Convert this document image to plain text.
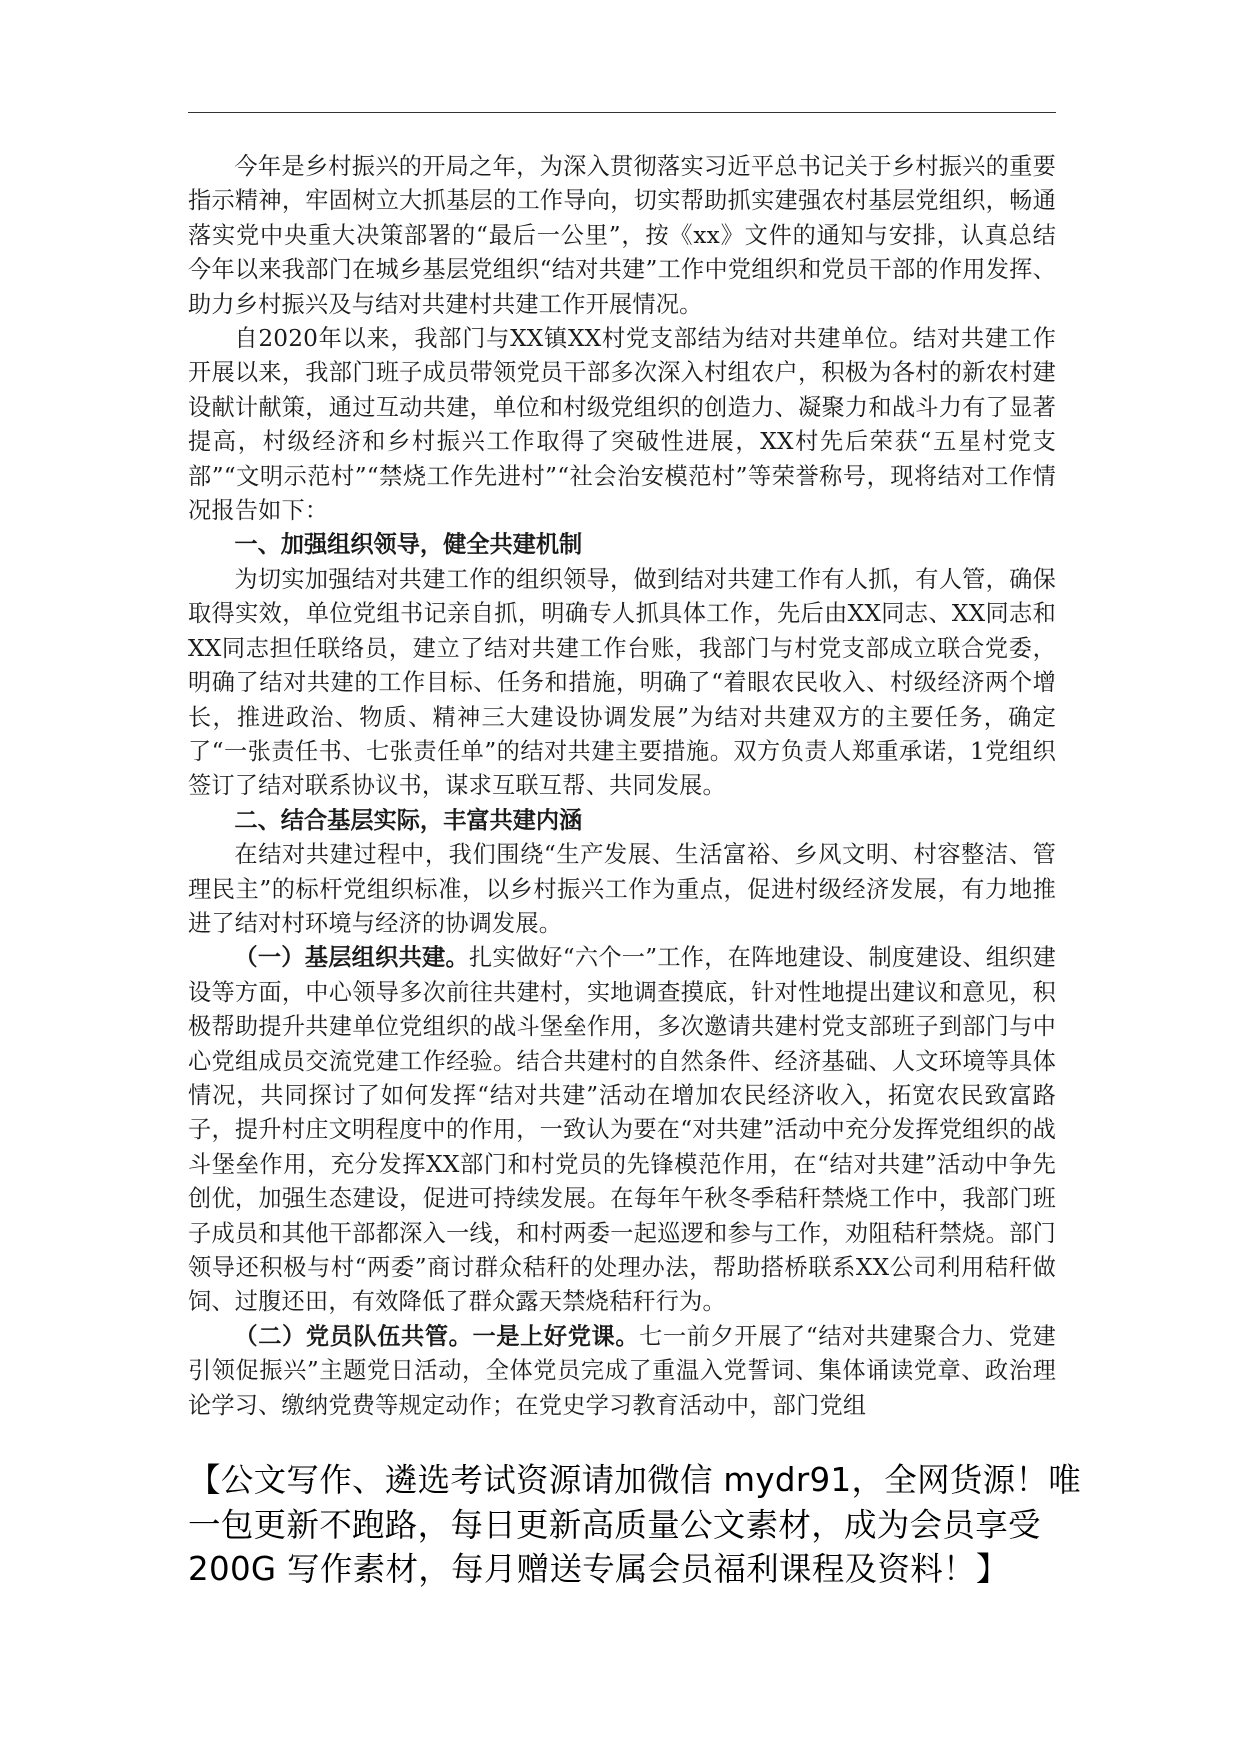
今年是乡村振兴的开局之年，为深入贯彻落实习近平总书记关于乡村振兴的重要指示精神，牢固树立大抓基层的工作导向，切实帮助抓实建强农村基层党组织，畅通落实党中央重大决策部署的“最后一公里”，按《xx》文件的通知与安排，认真总结今年以来我部门在城乡基层党组织“结对共建”工作中党组织和党员干部的作用发挥、助力乡村振兴及与结对共建村共建工作开展情况。

自2020年以来，我部门与XX镇XX村党支部结为结对共建单位。结对共建工作开展以来，我部门班子成员带领党员干部多次深入村组农户，积极为各村的新农村建设献计献策，通过互动共建，单位和村级党组织的创造力、凝聚力和战斗力有了显著提高，村级经济和乡村振兴工作取得了突破性进展，XX村先后荣获“五星村党支部”“文明示范村”“禁烧工作先进村”“社会治安模范村”等荣誉称号，现将结对工作情况报告如下：

一、加强组织领导，健全共建机制

为切实加强结对共建工作的组织领导，做到结对共建工作有人抓，有人管，确保取得实效，单位党组书记亲自抓，明确专人抓具体工作，先后由XX同志、XX同志和XX同志担任联络员，建立了结对共建工作台账，我部门与村党支部成立联合党委，明确了结对共建的工作目标、任务和措施，明确了“着眼农民收入、村级经济两个增长，推进政治、物质、精神三大建设协调发展”为结对共建双方的主要任务，确定了“一张责任书、七张责任单”的结对共建主要措施。双方负责人郑重承诺，1党组织签订了结对联系协议书，谋求互联互帮、共同发展。

二、结合基层实际，丰富共建内涵

在结对共建过程中，我们围绕“生产发展、生活富裕、乡风文明、村容整洁、管理民主”的标杆党组织标准，以乡村振兴工作为重点，促进村级经济发展，有力地推进了结对村环境与经济的协调发展。

（一）基层组织共建。扎实做好“六个一”工作，在阵地建设、制度建设、组织建设等方面，中心领导多次前往共建村，实地调查摸底，针对性地提出建议和意见，积极帮助提升共建单位党组织的战斗堡垒作用，多次邀请共建村党支部班子到部门与中心党组成员交流党建工作经验。结合共建村的自然条件、经济基础、人文环境等具体情况，共同探讨了如何发挥“结对共建”活动在增加农民经济收入，拓宽农民致富路子，提升村庄文明程度中的作用，一致认为要在“对共建”活动中充分发挥党组织的战斗堡垒作用，充分发挥XX部门和村党员的先锋模范作用，在“结对共建”活动中争先创优，加强生态建设，促进可持续发展。在每年午秋冬季秸秆禁烧工作中，我部门班子成员和其他干部都深入一线，和村两委一起巡逻和参与工作，劝阻秸秆禁烧。部门领导还积极与村“两委”商讨群众秸秆的处理办法，帮助搭桥联系XX公司利用秸秆做饲、过腹还田，有效降低了群众露天禁烧秸秆行为。

（二）党员队伍共管。一是上好党课。七一前夕开展了“结对共建聚合力、党建引领促振兴”主题党日活动，全体党员完成了重温入党誓词、集体诵读党章、政治理论学习、缴纳党费等规定动作；在党史学习教育活动中，部门党组

【公文写作、遴选考试资源请加微信 mydr91，全网货源！唯一包更新不跑路，每日更新高质量公文素材，成为会员享受 200G 写作素材，每月赠送专属会员福利课程及资料！】
